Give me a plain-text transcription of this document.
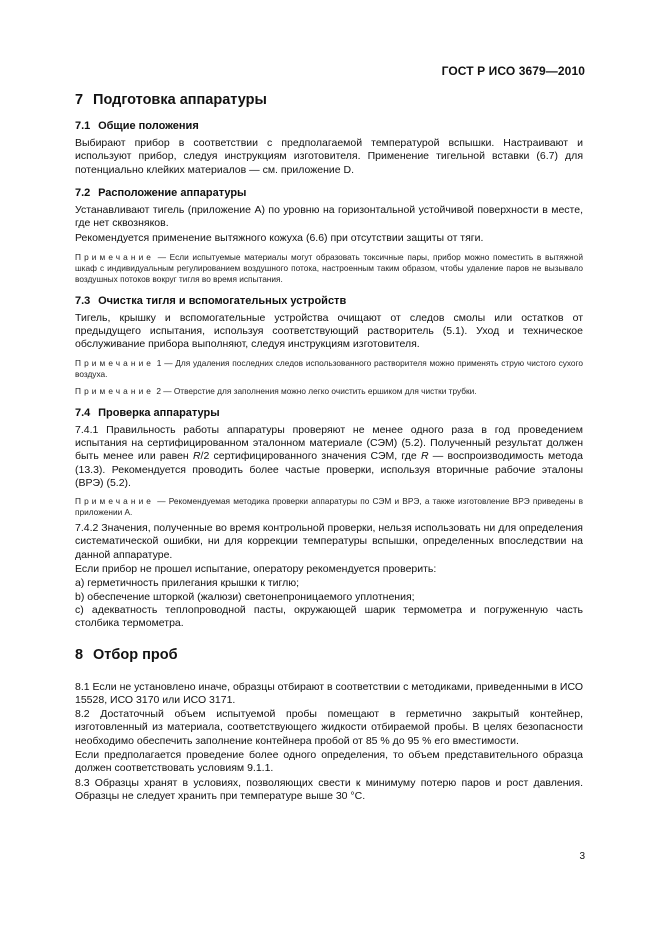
ГОСТ Р ИСО 3679—2010
7 Подготовка аппаратуры
7.1 Общие положения
Выбирают прибор в соответствии с предполагаемой температурой вспышки. Настраивают и используют прибор, следуя инструкциям изготовителя. Применение тигельной вставки (6.7) для потенциально клейких материалов — см. приложение D.
7.2 Расположение аппаратуры
Устанавливают тигель (приложение А) по уровню на горизонтальной устойчивой поверхности в месте, где нет сквозняков.
Рекомендуется применение вытяжного кожуха (6.6) при отсутствии защиты от тяги.
Примечание — Если испытуемые материалы могут образовать токсичные пары, прибор можно поместить в вытяжной шкаф с индивидуальным регулированием воздушного потока, настроенным таким образом, чтобы удаление паров не вызывало воздушных потоков вокруг тигля во время испытания.
7.3 Очистка тигля и вспомогательных устройств
Тигель, крышку и вспомогательные устройства очищают от следов смолы или остатков от предыдущего испытания, используя соответствующий растворитель (5.1). Уход и техническое обслуживание прибора выполняют, следуя инструкциям изготовителя.
Примечание 1 — Для удаления последних следов использованного растворителя можно применять струю чистого сухого воздуха.
Примечание 2 — Отверстие для заполнения можно легко очистить ершиком для чистки трубки.
7.4 Проверка аппаратуры
7.4.1 Правильность работы аппаратуры проверяют не менее одного раза в год проведением испытания на сертифицированном эталонном материале (СЭМ) (5.2). Полученный результат должен быть менее или равен R/2 сертифицированного значения СЭМ, где R — воспроизводимость метода (13.3). Рекомендуется проводить более частые проверки, используя вторичные рабочие эталоны (ВРЭ) (5.2).
Примечание — Рекомендуемая методика проверки аппаратуры по СЭМ и ВРЭ, а также изготовление ВРЭ приведены в приложении А.
7.4.2 Значения, полученные во время контрольной проверки, нельзя использовать ни для определения систематической ошибки, ни для коррекции температуры вспышки, определенных впоследствии на данной аппаратуре.
Если прибор не прошел испытание, оператору рекомендуется проверить:
а) герметичность прилегания крышки к тиглю;
b) обеспечение шторкой (жалюзи) светонепроницаемого уплотнения;
с) адекватность теплопроводной пасты, окружающей шарик термометра и погруженную часть столбика термометра.
8 Отбор проб
8.1 Если не установлено иначе, образцы отбирают в соответствии с методиками, приведенными в ИСО 15528, ИСО 3170 или ИСО 3171.
8.2 Достаточный объем испытуемой пробы помещают в герметично закрытый контейнер, изготовленный из материала, соответствующего жидкости отбираемой пробы. В целях безопасности необходимо обеспечить заполнение контейнера пробой от 85 % до 95 % его вместимости.
Если предполагается проведение более одного определения, то объем представительного образца должен соответствовать условиям 9.1.1.
8.3 Образцы хранят в условиях, позволяющих свести к минимуму потерю паров и рост давления. Образцы не следует хранить при температуре выше 30 °С.
3
